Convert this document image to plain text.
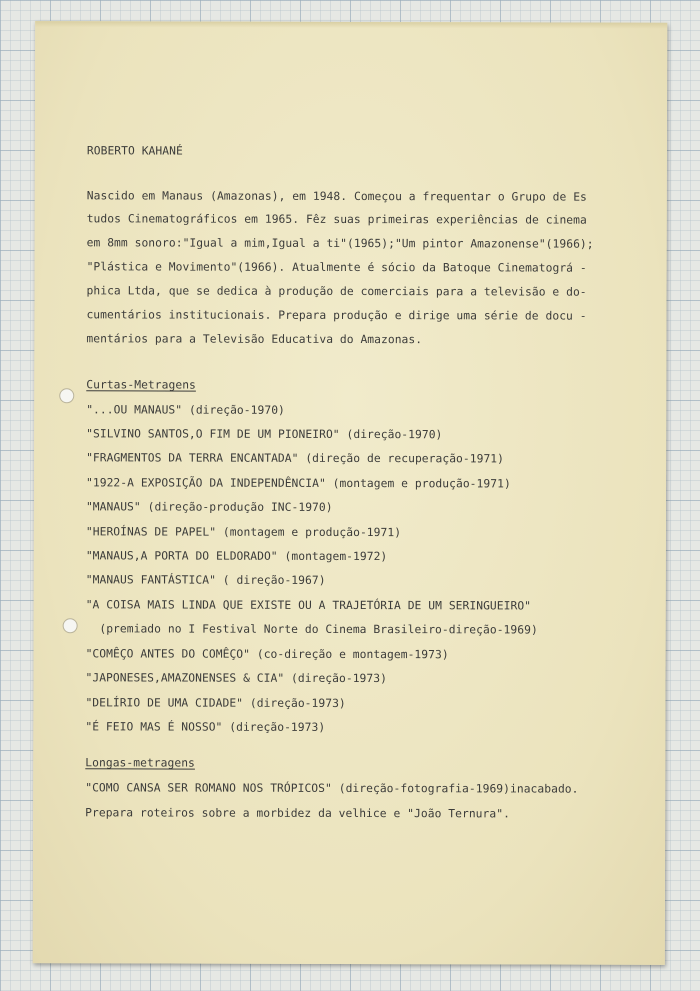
ROBERTO KAHANÉ
Nascido em Manaus (Amazonas), em 1948. Começou a frequentar o Grupo de Es
tudos Cinematográficos em 1965. Fêz suas primeiras experiências de cinema
em 8mm sonoro:"Igual a mim,Igual a ti"(1965);"Um pintor Amazonense"(1966);
"Plástica e Movimento"(1966). Atualmente é sócio da Batoque Cinematográ -
phica Ltda, que se dedica à produção de comerciais para a televisão e do-
cumentários institucionais. Prepara produção e dirige uma série de docu -
mentários para a Televisão Educativa do Amazonas.
Curtas-Metragens
"...OU MANAUS" (direção-1970)
"SILVINO SANTOS,O FIM DE UM PIONEIRO" (direção-1970)
"FRAGMENTOS DA TERRA ENCANTADA" (direção de recuperação-1971)
"1922-A EXPOSIÇÃO DA INDEPENDÊNCIA" (montagem e produção-1971)
"MANAUS" (direção-produção INC-1970)
"HEROÍNAS DE PAPEL" (montagem e produção-1971)
"MANAUS,A PORTA DO ELDORADO" (montagem-1972)
"MANAUS FANTÁSTICA" ( direção-1967)
"A COISA MAIS LINDA QUE EXISTE OU A TRAJETÓRIA DE UM SERINGUEIRO"
(premiado no I Festival Norte do Cinema Brasileiro-direção-1969)
"COMÊÇO ANTES DO COMÊÇO" (co-direção e montagem-1973)
"JAPONESES,AMAZONENSES & CIA" (direção-1973)
"DELÍRIO DE UMA CIDADE" (direção-1973)
"É FEIO MAS É NOSSO" (direção-1973)
Longas-metragens
"COMO CANSA SER ROMANO NOS TRÓPICOS" (direção-fotografia-1969)inacabado.
Prepara roteiros sobre a morbidez da velhice e "João Ternura".
